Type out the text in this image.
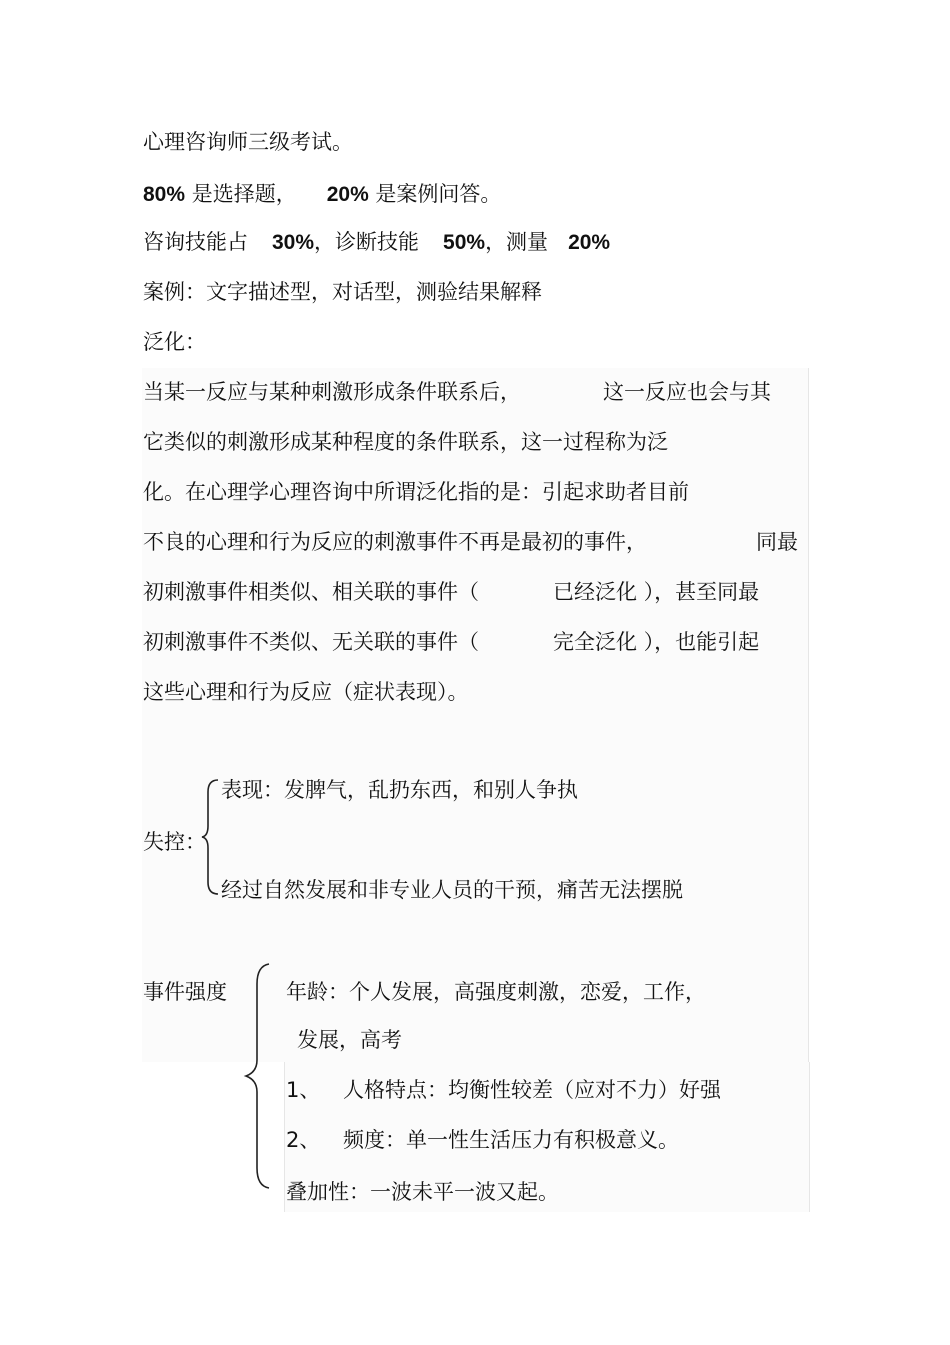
心理咨询师三级考试。

80% 是选择题， 20% 是案例问答。

咨询技能占 30%，诊断技能 50%，测量 20%

案例：文字描述型，对话型，测验结果解释

泛化：

当某一反应与某种刺激形成条件联系后，	这一反应也会与其

它类似的刺激形成某种程度的条件联系，这一过程称为泛

化。在心理学心理咨询中所谓泛化指的是：引起求助者目前

不良的心理和行为反应的刺激事件不再是最初的事件，	同最

初刺激事件相类似、相关联的事件（	已经泛化 ），甚至同最

初刺激事件不类似、无关联的事件（	完全泛化 ），也能引起

这些心理和行为反应（症状表现）。

失控：

表现：发脾气，乱扔东西，和别人争执

经过自然发展和非专业人员的干预，痛苦无法摆脱

事件强度	年龄：个人发展，高强度刺激，恋爱，工作，

发展，高考

1、 人格特点：均衡性较差（应对不力）好强

2、 频度：单一性生活压力有积极意义。

叠加性：一波未平一波又起。
